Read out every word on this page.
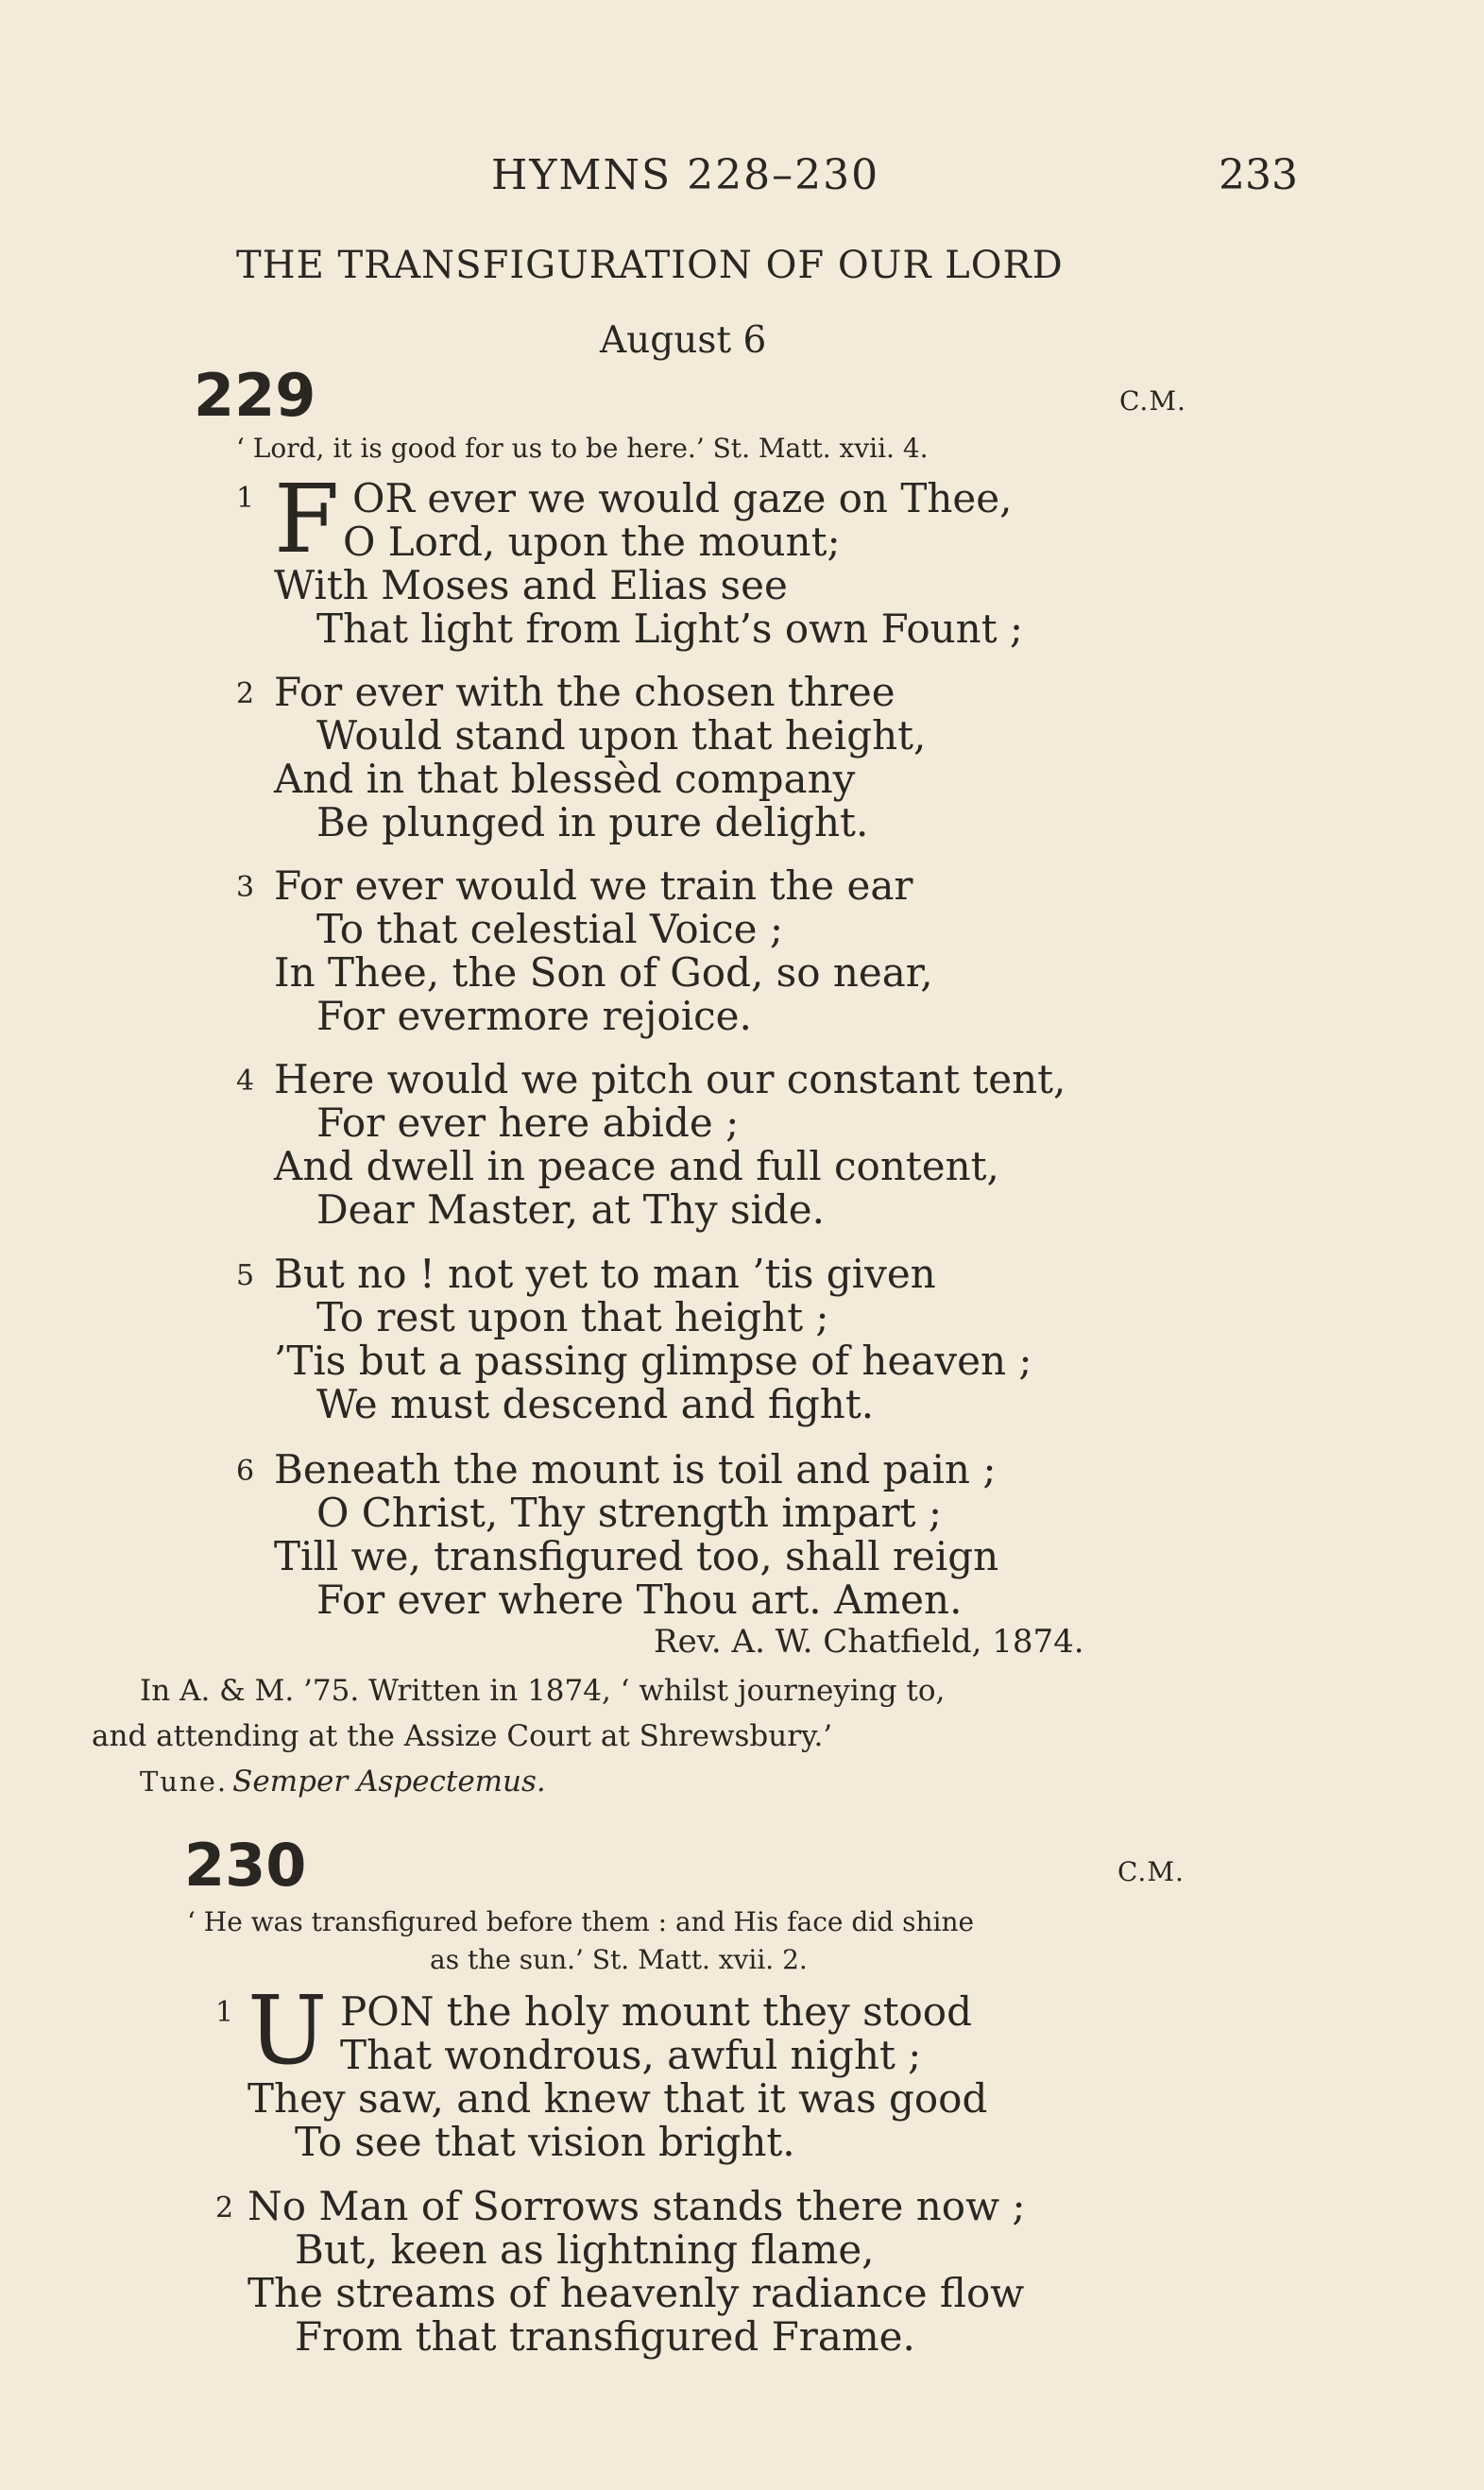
HYMNS 228–230	233
THE TRANSFIGURATION OF OUR LORD
August 6
229	C.M.
‘ Lord, it is good for us to be here.’ St. Matt. xvii. 4.
1 F OR ever we would gaze on Thee,
O Lord, upon the mount;
With Moses and Elias see
That light from Light’s own Fount ;
2 For ever with the chosen three
Would stand upon that height,
And in that blessèd company
Be plunged in pure delight.
3 For ever would we train the ear
To that celestial Voice ;
In Thee, the Son of God, so near,
For evermore rejoice.
4 Here would we pitch our constant tent,
For ever here abide ;
And dwell in peace and full content,
Dear Master, at Thy side.
5 But no ! not yet to man ’tis given
To rest upon that height ;
’Tis but a passing glimpse of heaven ;
We must descend and fight.
6 Beneath the mount is toil and pain ;
O Christ, Thy strength impart ;
Till we, transfigured too, shall reign
For ever where Thou art. Amen.
Rev. A. W. Chatfield, 1874.
In A. & M. ’75. Written in 1874, ‘ whilst journeying to,
and attending at the Assize Court at Shrewsbury.’
Tune. Semper Aspectemus.
230	C.M.
‘ He was transfigured before them : and His face did shine
as the sun.’ St. Matt. xvii. 2.
1 U PON the holy mount they stood
That wondrous, awful night ;
They saw, and knew that it was good
To see that vision bright.
2 No Man of Sorrows stands there now ;
But, keen as lightning flame,
The streams of heavenly radiance flow
From that transfigured Frame.
